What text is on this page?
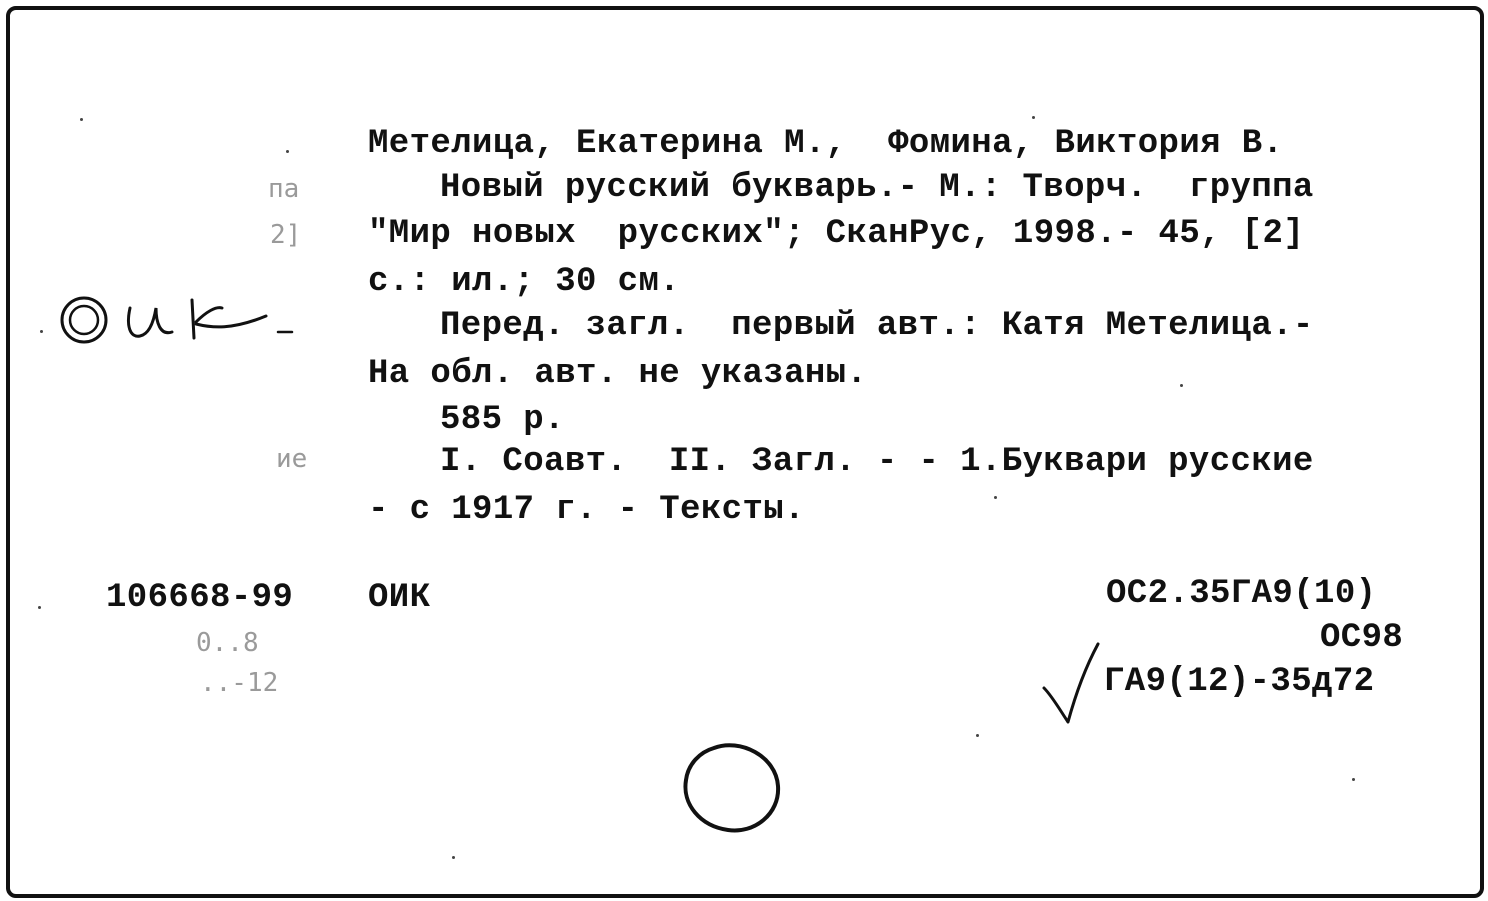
па
2]
ие
0..8
..-12
Метелица, Екатерина М.,  Фомина, Виктория В.
Новый русский букварь.- М.: Творч.  группа
"Мир новых  русских"; СканРус, 1998.- 45, [2]
с.: ил.; 30 см.
Перед. загл.  первый авт.: Катя Метелица.-
На обл. авт. не указаны.
585 р.
I. Соавт.  II. Загл. - - 1.Буквари русские
- с 1917 г. - Тексты.
106668-99 ОИК	ОС2.35ГА9(10)
ОС98
ГА9(12)-35д72
